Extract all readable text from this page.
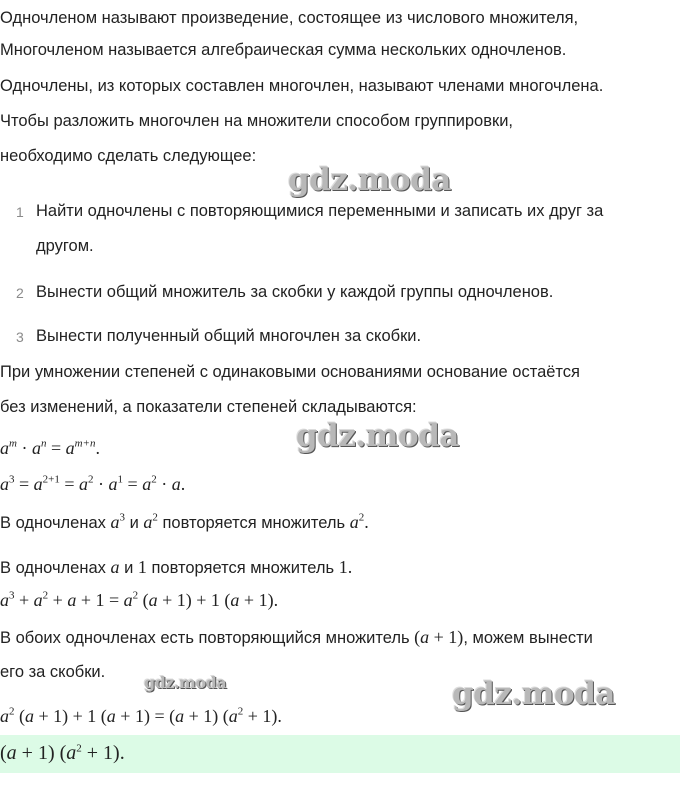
gdz.moda
gdz.moda
gdz.moda	gdz.moda
Одночленом называют произведение, состоящее из числового множителя,
Многочленом называется алгебраическая сумма нескольких одночленов.
Одночлены, из которых составлен многочлен, называют членами многочлена.
Чтобы разложить многочлен на множители способом группировки,
необходимо сделать следующее:
1 Найти одночлены с повторяющимися переменными и записать их друг за
другом.
2 Вынести общий множитель за скобки у каждой группы одночленов.
3 Вынести полученный общий многочлен за скобки.
При умножении степеней с одинаковыми основаниями основание остаётся
без изменений, а показатели степеней складываются:
$a^m \cdot a^n = a^{m+n}$.
$a^3 = a^{2+1} = a^2 \cdot a^1 = a^2 \cdot a$.
В одночленах $a^3$ и $a^2$ повторяется множитель $a^2$.
В одночленах a и 1 повторяется множитель 1.
$a^3 + a^2 + a + 1 = a^2$ (a + 1) + 1 (a + 1).
В обоих одночленах есть повторяющийся множитель (a + 1), можем вынести
его за скобки.
$a^2$ (a + 1) + 1 (a + 1) = (a + 1) $(a^2 + 1)$.
(a + 1) $(a^2 + 1)$.
